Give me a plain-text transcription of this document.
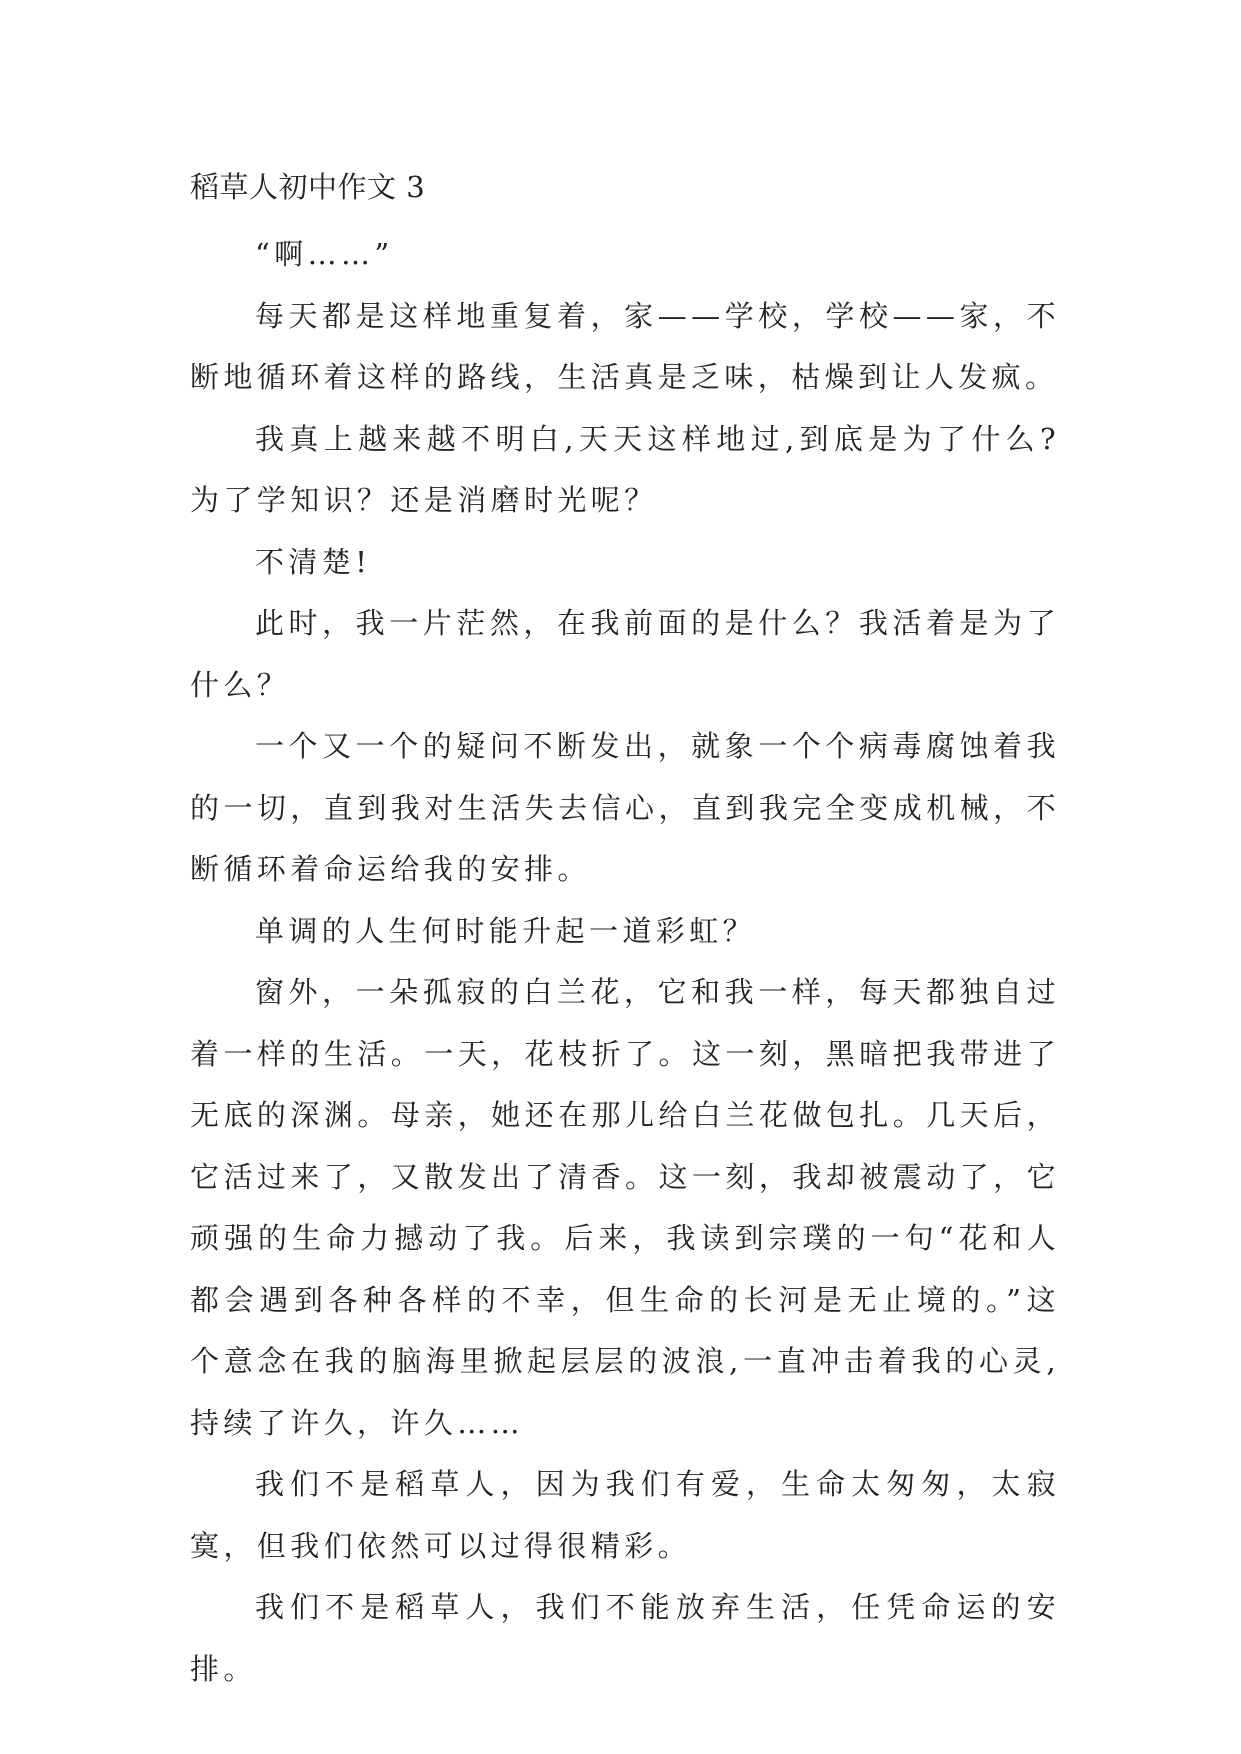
稻草人初中作文 3

“啊……”

每天都是这样地重复着，家——学校，学校——家，不断地循环着这样的路线，生活真是乏味，枯燥到让人发疯。

我真上越来越不明白,天天这样地过,到底是为了什么?为了学知识？还是消磨时光呢？

不清楚!

此时，我一片茫然，在我前面的是什么？我活着是为了什么？

一个又一个的疑问不断发出，就象一个个病毒腐蚀着我的一切，直到我对生活失去信心，直到我完全变成机械，不断循环着命运给我的安排。

单调的人生何时能升起一道彩虹？

窗外，一朵孤寂的白兰花，它和我一样，每天都独自过着一样的生活。一天，花枝折了。这一刻，黑暗把我带进了无底的深渊。母亲，她还在那儿给白兰花做包扎。几天后，它活过来了，又散发出了清香。这一刻，我却被震动了，它顽强的生命力撼动了我。后来，我读到宗璞的一句“花和人都会遇到各种各样的不幸，但生命的长河是无止境的。”这个意念在我的脑海里掀起层层的波浪,一直冲击着我的心灵,持续了许久，许久……

我们不是稻草人，因为我们有爱，生命太匆匆，太寂寞，但我们依然可以过得很精彩。

我们不是稻草人，我们不能放弃生活，任凭命运的安排。
